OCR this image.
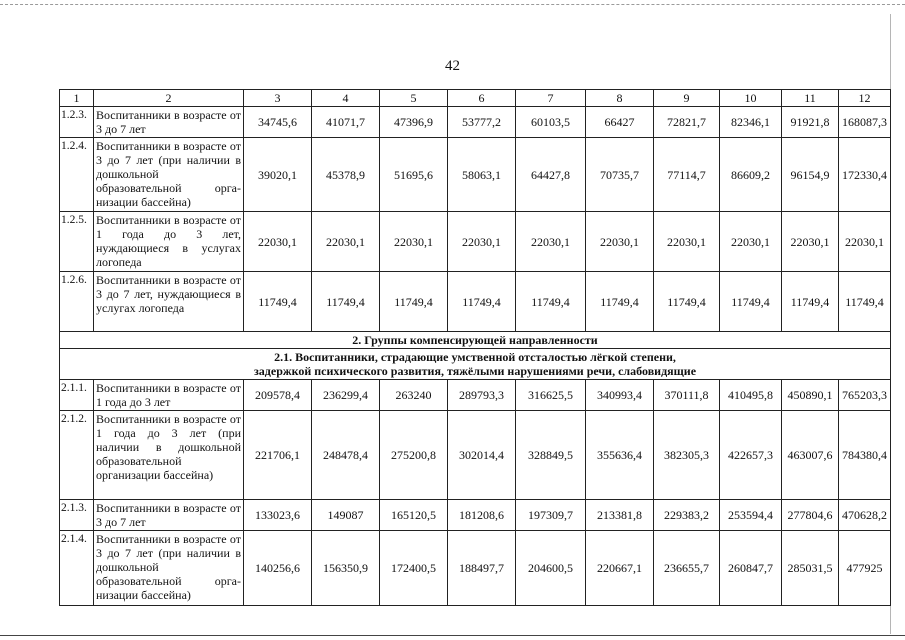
42
1	2	3	4	5	6	7	8	9	10	11	12
1.2.3.	Воспитанники в возрасте от 3 до 7 лет	34745,6	41071,7	47396,9	53777,2	60103,5	66427	72821,7	82346,1	91921,8	168087,3
1.2.4.	Воспитанники в возрасте от 3 до 7 лет (при наличии в дошкольной образовательной организации бассейна)	39020,1	45378,9	51695,6	58063,1	64427,8	70735,7	77114,7	86609,2	96154,9	172330,4
1.2.5.	Воспитанники в возрасте от 1 года до 3 лет, нуждающиеся в услугах логопеда	22030,1	22030,1	22030,1	22030,1	22030,1	22030,1	22030,1	22030,1	22030,1	22030,1
1.2.6.	Воспитанники в возрасте от 3 до 7 лет, нуждающиеся в услугах логопеда	11749,4	11749,4	11749,4	11749,4	11749,4	11749,4	11749,4	11749,4	11749,4	11749,4
2. Группы компенсирующей направленности											

2.1. Воспитанники, страдающие умственной отсталостью лёгкой степени,
задержкой психического развития, тяжёлыми нарушениями речи, слабовидящие											

2.1.1.	Воспитанники в возрасте от 1 года до 3 лет	209578,4	236299,4	263240	289793,3	316625,5	340993,4	370111,8	410495,8	450890,1	765203,3
2.1.2.	Воспитанники в возрасте от 1 года до 3 лет (при наличии в дошкольной образовательной организации бассейна)	221706,1	248478,4	275200,8	302014,4	328849,5	355636,4	382305,3	422657,3	463007,6	784380,4
2.1.3.	Воспитанники в возрасте от 3 до 7 лет	133023,6	149087	165120,5	181208,6	197309,7	213381,8	229383,2	253594,4	277804,6	470628,2
2.1.4.	Воспитанники в возрасте от 3 до 7 лет (при наличии в дошкольной образовательной организации бассейна)	140256,6	156350,9	172400,5	188497,7	204600,5	220667,1	236655,7	260847,7	285031,5	477925
